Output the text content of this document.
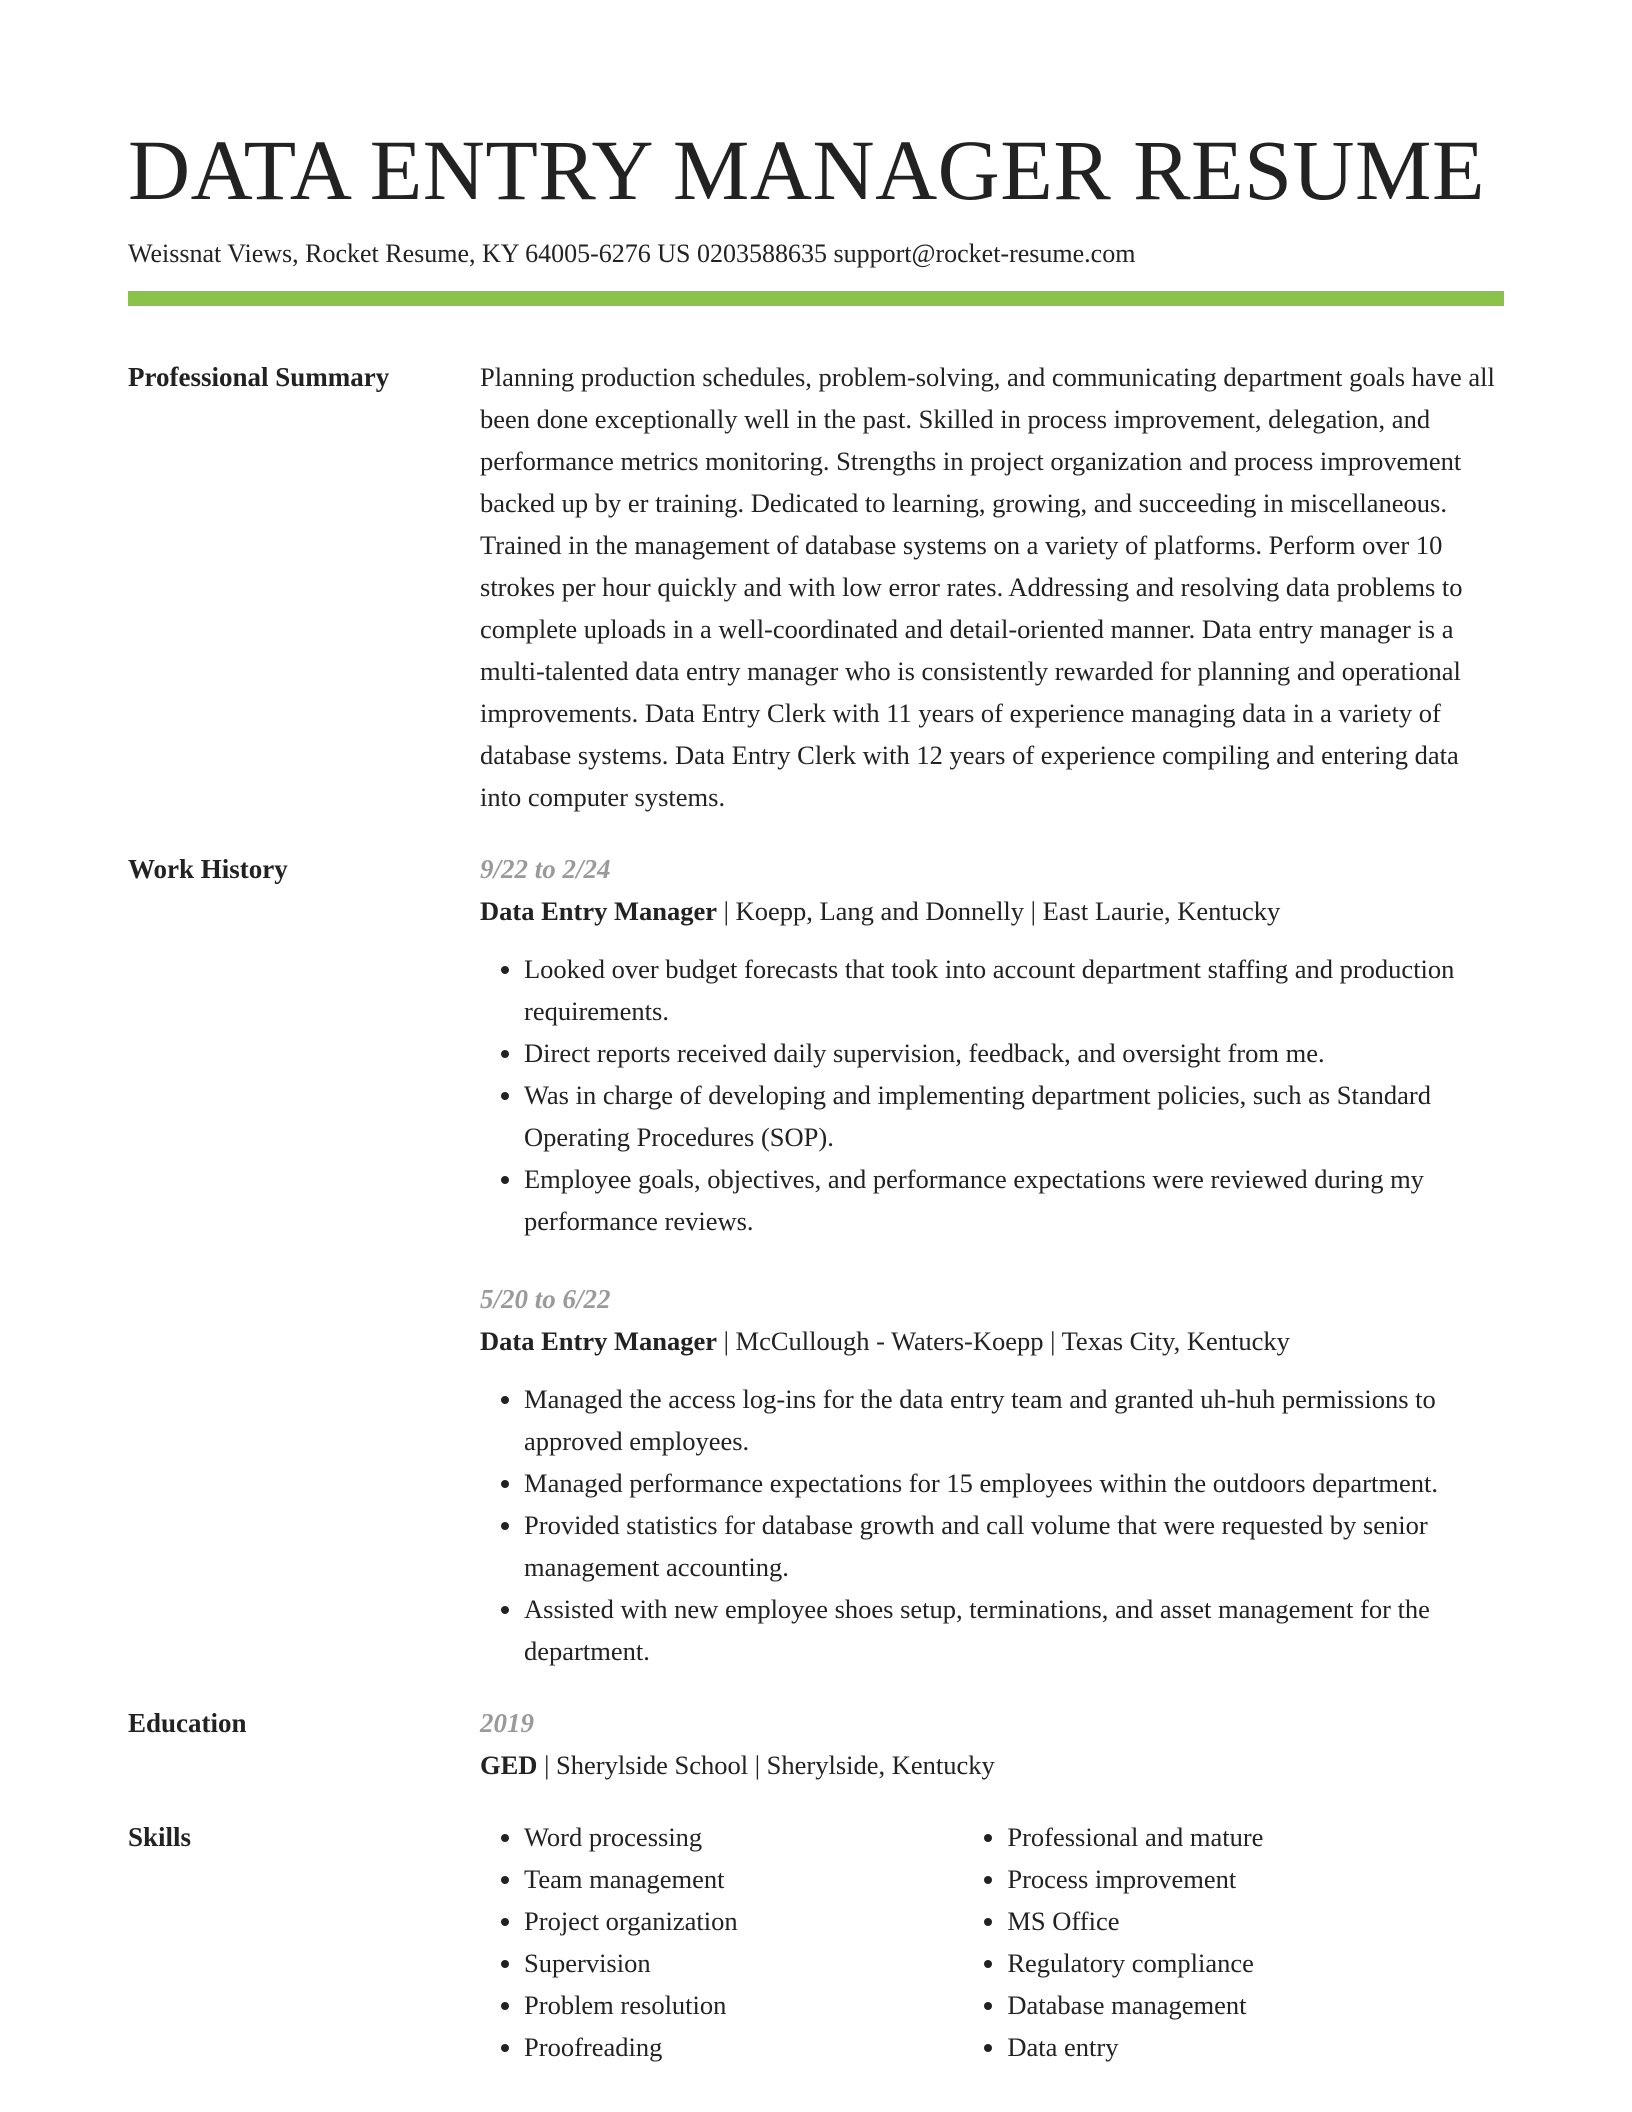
DATA ENTRY MANAGER RESUME
Weissnat Views, Rocket Resume, KY 64005-6276 US 0203588635 support@rocket-resume.com
Professional Summary	Planning production schedules, problem-solving, and communicating department goals have all been done exceptionally well in the past. Skilled in process improvement, delegation, and performance metrics monitoring. Strengths in project organization and process improvement backed up by er training. Dedicated to learning, growing, and succeeding in miscellaneous. Trained in the management of database systems on a variety of platforms. Perform over 10 strokes per hour quickly and with low error rates. Addressing and resolving data problems to complete uploads in a well-coordinated and detail-oriented manner. Data entry manager is a multi-talented data entry manager who is consistently rewarded for planning and operational improvements. Data Entry Clerk with 11 years of experience managing data in a variety of database systems. Data Entry Clerk with 12 years of experience compiling and entering data into computer systems.
Work History	9/22 to 2/24
Data Entry Manager | Koepp, Lang and Donnelly | East Laurie, Kentucky
• Looked over budget forecasts that took into account department staffing and production requirements.
• Direct reports received daily supervision, feedback, and oversight from me.
• Was in charge of developing and implementing department policies, such as Standard Operating Procedures (SOP).
• Employee goals, objectives, and performance expectations were reviewed during my performance reviews.
5/20 to 6/22
Data Entry Manager | McCullough - Waters-Koepp | Texas City, Kentucky
• Managed the access log-ins for the data entry team and granted uh-huh permissions to approved employees.
• Managed performance expectations for 15 employees within the outdoors department.
• Provided statistics for database growth and call volume that were requested by senior management accounting.
• Assisted with new employee shoes setup, terminations, and asset management for the department.
Education	2019
GED | Sherylside School | Sherylside, Kentucky
Skills
•	Word processing
• Team management
• Project organization
• Supervision
• Problem resolution
• Proofreading
• Professional and mature
• Process improvement
• MS Office
• Regulatory compliance
• Database management
• Data entry
